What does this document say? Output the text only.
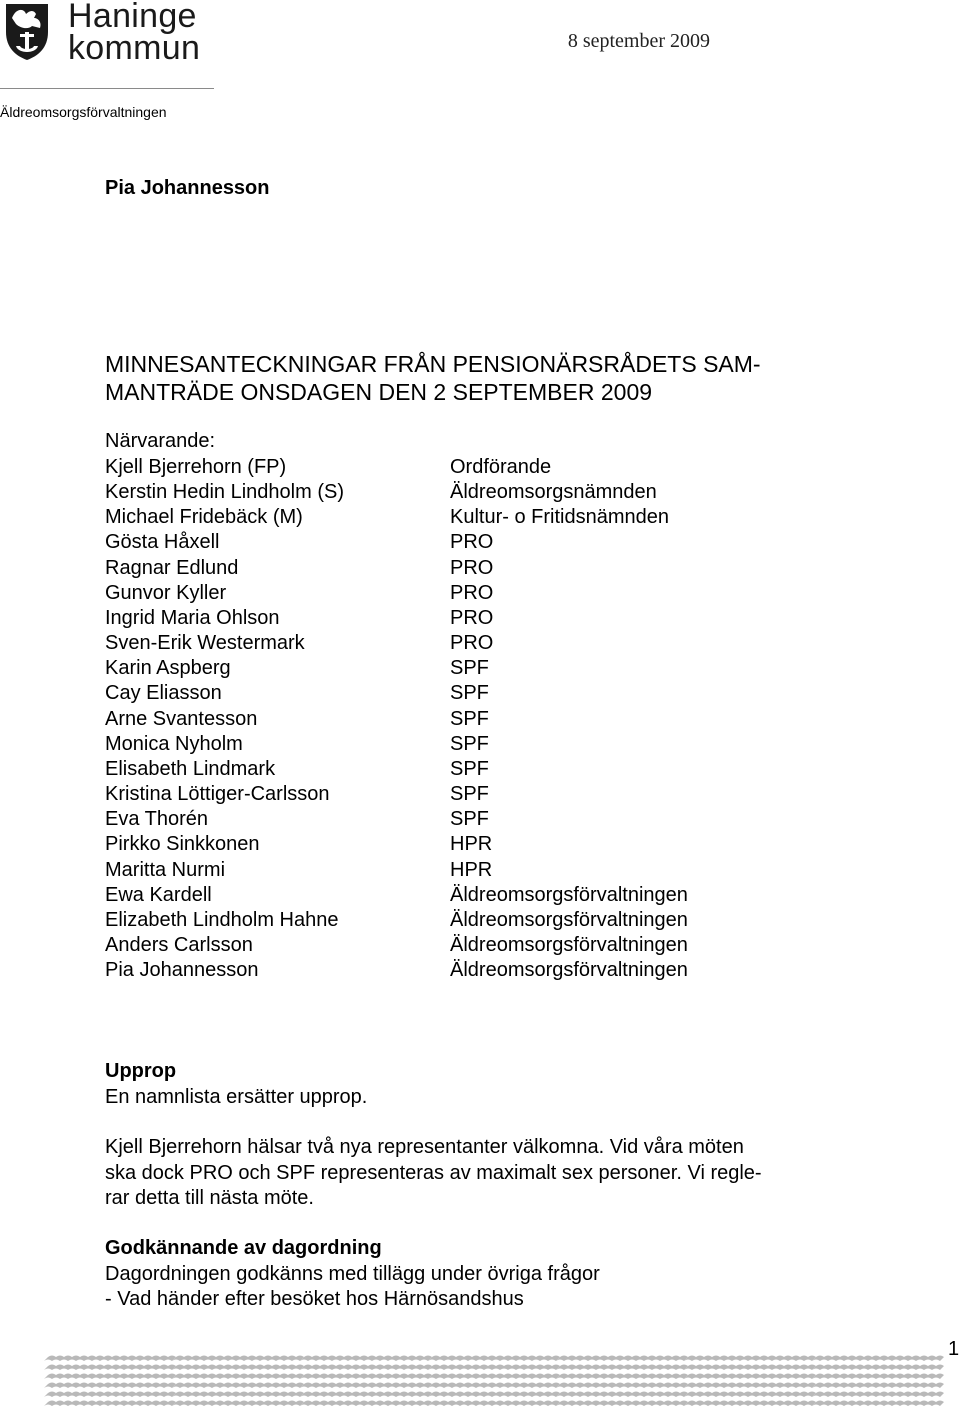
Haninge
kommun
Äldreomsorgsförvaltningen
8 september 2009
Pia Johannesson
MINNESANTECKNINGAR FRÅN PENSIONÄRSRÅDETS SAM-
MANTRÄDE ONSDAGEN DEN 2 SEPTEMBER 2009
Närvarande:
Kjell Bjerrehorn (FP)	Ordförande
Kerstin Hedin Lindholm (S)	Äldreomsorgsnämnden
Michael Fridebäck (M)	Kultur- o Fritidsnämnden
Gösta Håxell	PRO
Ragnar Edlund	PRO
Gunvor Kyller	PRO
Ingrid Maria Ohlson	PRO
Sven-Erik Westermark	PRO
Karin Aspberg	SPF
Cay Eliasson	SPF
Arne Svantesson	SPF
Monica Nyholm	SPF
Elisabeth Lindmark	SPF
Kristina Löttiger-Carlsson	SPF
Eva Thorén	SPF
Pirkko Sinkkonen	HPR
Maritta Nurmi	HPR
Ewa Kardell	Äldreomsorgsförvaltningen
Elizabeth Lindholm Hahne	Äldreomsorgsförvaltningen
Anders Carlsson	Äldreomsorgsförvaltningen
Pia Johannesson	Äldreomsorgsförvaltningen
Upprop

En namnlista ersätter upprop.

Kjell Bjerrehorn hälsar två nya representanter välkomna. Vid våra möten

ska dock PRO och SPF representeras av maximalt sex personer. Vi regle-

rar detta till nästa möte.

Godkännande av dagordning

Dagordningen godkänns med tillägg under övriga frågor

- Vad händer efter besöket hos Härnösandshus

1
